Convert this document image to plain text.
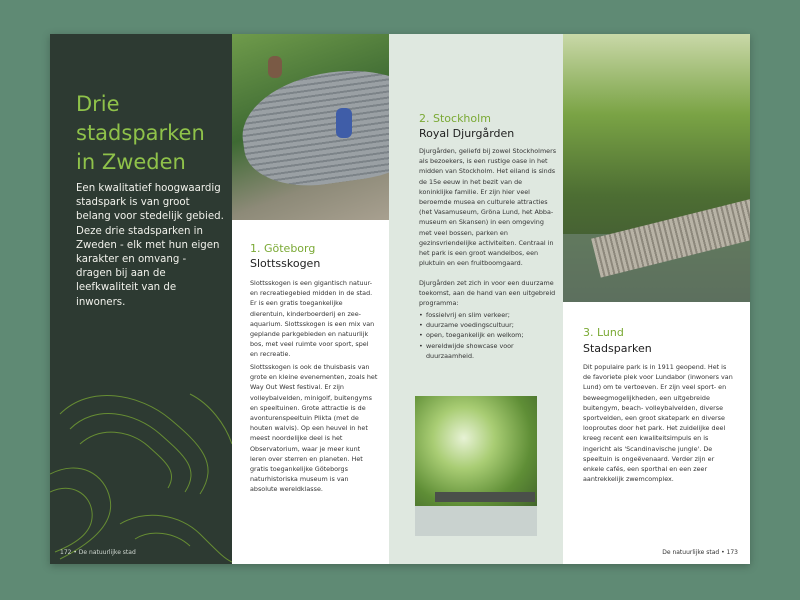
Drie
stadsparken
in Zweden

Een kwalitatief hoogwaardig stadspark is van groot belang voor stedelijk gebied. Deze drie stadsparken in Zweden - elk met hun eigen karakter en omvang - dragen bij aan de leefkwaliteit van de inwoners.

172 • De natuurlijke stad
1. Göteborg
Slottsskogen

Slottsskogen is een gigantisch natuur- en recreatiegebied midden in de stad. Er is een gratis toegankelijke dierentuin, kinderboerderij en zee-aquarium. Slottsskogen is een mix van geplande parkgebieden en natuurlijk bos, met veel ruimte voor sport, spel en recreatie.

Slottsskogen is ook de thuisbasis van grote en kleine evenementen, zoals het Way Out West festival. Er zijn volleybalvelden, minigolf, buitengyms en speeltuinen. Grote attractie is de avonturenspeeltuin Plikta (met de houten walvis). Op een heuvel in het meest noordelijke deel is het Observatorium, waar je meer kunt leren over sterren en planeten. Het gratis toegankelijke Göteborgs naturhistoriska museum is van absolute wereldklasse.

2. Stockholm
Royal Djurgården

Djurgården, geliefd bij zowel Stockholmers als bezoekers, is een rustige oase in het midden van Stockholm. Het eiland is sinds de 15e eeuw in het bezit van de koninklijke familie. Er zijn hier veel beroemde musea en culturele attracties (het Vasamuseum, Gröna Lund, het Abba-museum en Skansen) in een omgeving met veel bossen, parken en gezinsvriendelijke activiteiten. Centraal in het park is een groot wandelbos, een pluktuin en een fruitboomgaard.

Djurgården zet zich in voor een duurzame toekomst, aan de hand van een uitgebreid programma:

• fossielvrij en slim verkeer;
• duurzame voedingscultuur;
• open, toegankelijk en welkom;
• wereldwijde showcase voor duurzaamheid.
3. Lund
Stadsparken

Dit populaire park is in 1911 geopend. Het is de favoriete plek voor Lundabor (inwoners van Lund) om te vertoeven. Er zijn veel sport- en beweegmogelijkheden, een uitgebreide buitengym, beach- volleybalvelden, diverse sportvelden, een groot skatepark en diverse looproutes door het park. Het zuidelijke deel kreeg recent een kwaliteitsimpuls en is ingericht als 'Scandinavische jungle'. De speeltuin is ongeëvenaard. Verder zijn er enkele cafés, een sporthal en een zeer aantrekkelijk zwemcomplex.

De natuurlijke stad • 173
